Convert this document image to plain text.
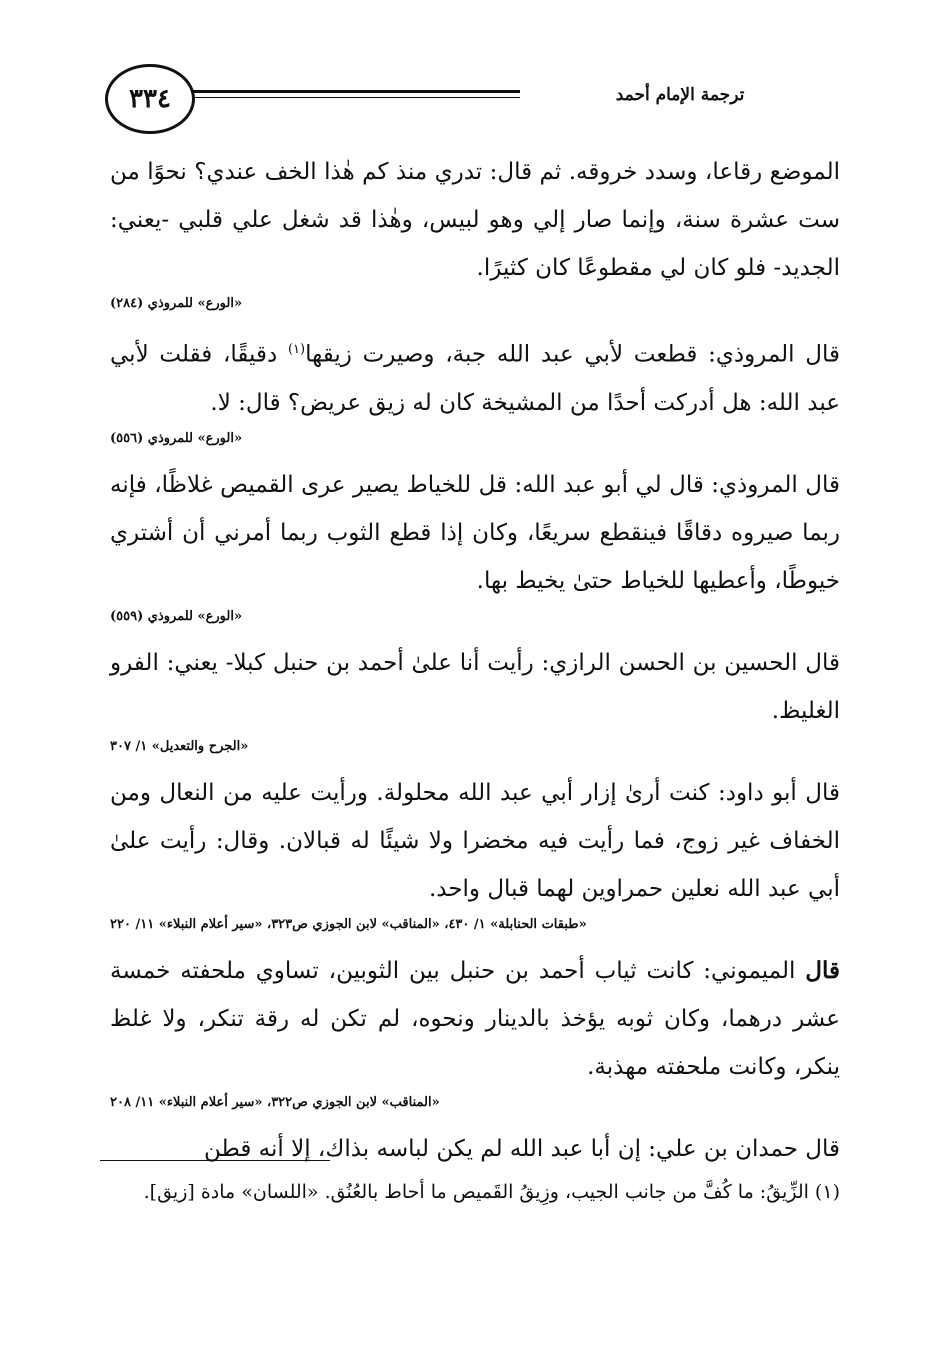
٣٣٤	ترجمة الإمام أحمد

الموضع رقاعا، وسدد خروقه. ثم قال: تدري منذ كم هٰذا الخف عندي؟ نحوًا من ست عشرة سنة، وإنما صار إلي وهو لبيس، وهٰذا قد شغل علي قلبي -يعني: الجديد- فلو كان لي مقطوعًا كان كثيرًا.

«الورع» للمروذي (٢٨٤)

قال المروذي: قطعت لأبي عبد الله جبة، وصيرت زيقها$^{(١)}$ دقيقًا، فقلت لأبي عبد الله: هل أدركت أحدًا من المشيخة كان له زيق عريض؟ قال: لا.

«الورع» للمروذي (٥٥٦)

قال المروذي: قال لي أبو عبد الله: قل للخياط يصير عرى القميص غلاظًا، فإنه ربما صيروه دقاقًا فينقطع سريعًا، وكان إذا قطع الثوب ربما أمرني أن أشتري خيوطًا، وأعطيها للخياط حتىٰ يخيط بها.

«الورع» للمروذي (٥٥٩)

قال الحسين بن الحسن الرازي: رأيت أنا علىٰ أحمد بن حنبل كبلا- يعني: الفرو الغليظ.

«الجرح والتعديل» ١/ ٣٠٧

قال أبو داود: كنت أرىٰ إزار أبي عبد الله محلولة. ورأيت عليه من النعال ومن الخفاف غير زوج، فما رأيت فيه مخضرا ولا شيئًا له قبالان. وقال: رأيت علىٰ أبي عبد الله نعلين حمراوين لهما قبال واحد.

«طبقات الحنابلة» ١/ ٤٣٠، «المناقب» لابن الجوزي ص٣٢٣، «سير أعلام النبلاء» ١١/ ٢٢٠

قال الميموني: كانت ثياب أحمد بن حنبل بين الثوبين، تساوي ملحفته خمسة عشر درهما، وكان ثوبه يؤخذ بالدينار ونحوه، لم تكن له رقة تنكر، ولا غلظ ينكر، وكانت ملحفته مهذبة.

«المناقب» لابن الجوزي ص٣٢٢، «سير أعلام النبلاء» ١١/ ٢٠٨

قال حمدان بن علي: إن أبا عبد الله لم يكن لباسه بذاك، إلا أنه قطن

(١) الزِّيقُ: ما كُفَّ من جانب الجيب، وزِيقُ القَميص ما أحاط بالعُنُق. «اللسان» مادة [زيق].
